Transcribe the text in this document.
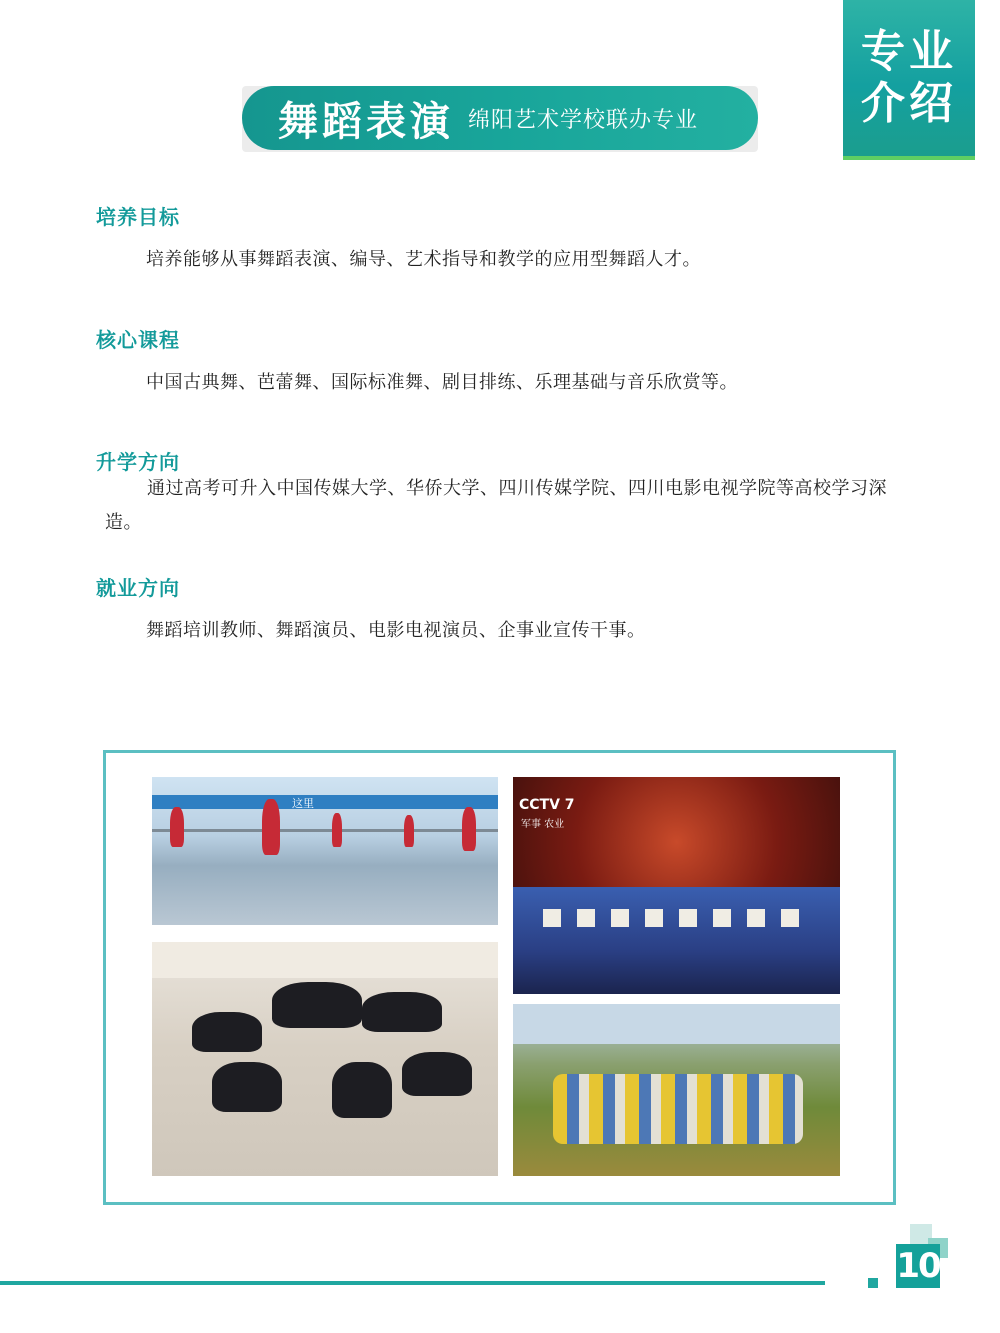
专业
介绍
舞蹈表演 绵阳艺术学校联办专业
培养目标
培养能够从事舞蹈表演、编导、艺术指导和教学的应用型舞蹈人才。
核心课程
中国古典舞、芭蕾舞、国际标准舞、剧目排练、乐理基础与音乐欣赏等。
升学方向
通过高考可升入中国传媒大学、华侨大学、四川传媒学院、四川电影电视学院等高校学习深造。
就业方向
舞蹈培训教师、舞蹈演员、电影电视演员、企事业宣传干事。
这里	CCTV 7
军事 农业
10
